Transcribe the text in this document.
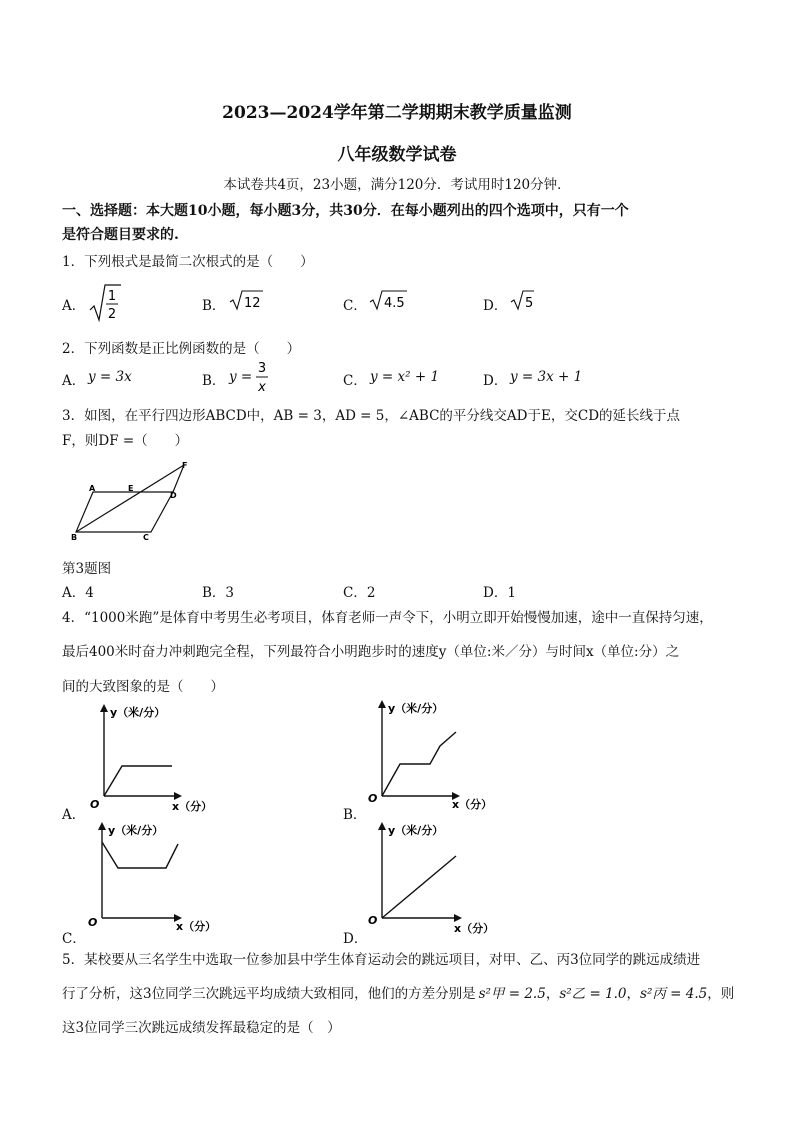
2023—2024学年第二学期期末教学质量监测
八年级数学试卷
本试卷共4页，23小题，满分120分．考试用时120分钟．
一、选择题：本大题10小题，每小题3分，共30分．在每小题列出的四个选项中，只有一个
是符合题目要求的.
1．下列根式是最简二次根式的是（　　）
A．
1
2
B． 12	C． 4.5	D． 5
2．下列函数是正比例函数的是（　　）
A． y = 3x	B． y =
3
x	C． y = x² + 1	D． y = 3x + 1
3．如图，在平行四边形ABCD中，AB = 3，AD = 5，∠ABC的平分线交AD于E，交CD的延长线于点
F，则DF =（　　）
A	E
D
F
B	C
第3题图
A．4	B．3	C．2	D．1
4．“1000米跑”是体育中考男生必考项目，体育老师一声令下，小明立即开始慢慢加速，途中一直保持匀速，
最后400米时奋力冲刺跑完全程，下列最符合小明跑步时的速度y（单位:米／分）与时间x（单位:分）之
间的大致图象的是（　　）
A．
O
y（米/分）
x（分）
B．
O
y（米/分）
x（分）
C．
O
y（米/分）
x（分）
D．
O
y（米/分）
x（分）
5．某校要从三名学生中选取一位参加县中学生体育运动会的跳远项目，对甲、乙、丙3位同学的跳远成绩进
行了分析，这3位同学三次跳远平均成绩大致相同，他们的方差分别是 s²甲 = 2.5，s²乙 = 1.0，s²丙 = 4.5，则
这3位同学三次跳远成绩发挥最稳定的是（　）
